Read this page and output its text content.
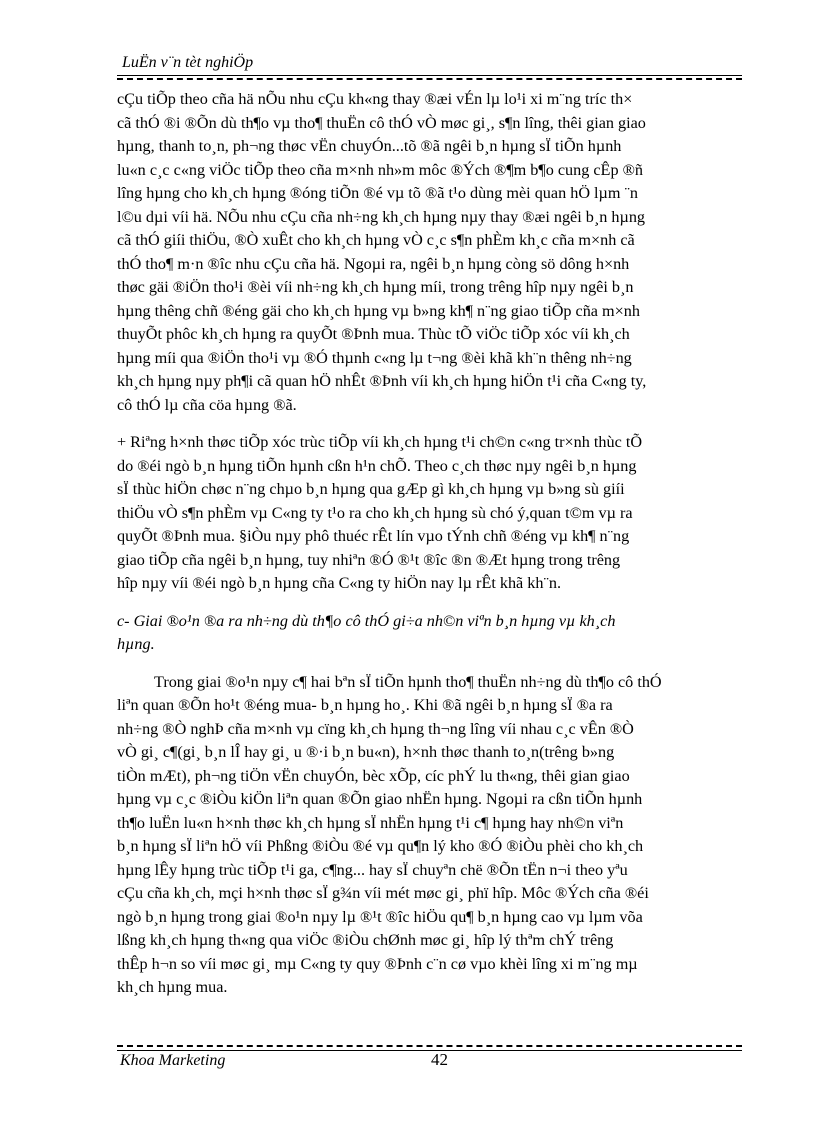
LuËn v¨n tèt nghiÖp
cÇu tiÕp theo cña hä nÕu nhu cÇu kh«ng thay ®æi vÉn lµ lo¹i xi m¨ng tríc th×
cã thÓ ®i ®Õn dù th¶o vµ tho¶ thuËn cô thÓ vÒ møc gi¸, s¶n lîng, thêi gian giao
hµng, thanh to¸n, ph¬ng thøc vËn chuyÓn...tõ ®ã ngêi b¸n hµng sÏ tiÕn hµnh
lu«n c¸c c«ng viÖc tiÕp theo cña m×nh nh»m môc ®Ých ®¶m b¶o cung cÊp ®ñ
lîng hµng cho kh¸ch hµng ®óng tiÕn ®é vµ tõ ®ã t¹o dùng mèi quan hÖ lµm ¨n
l©u dµi víi hä. NÕu nhu cÇu cña nh÷ng kh¸ch hµng nµy thay ®æi ngêi b¸n hµng
cã thÓ giíi thiÖu, ®Ò xuÊt cho kh¸ch hµng vÒ c¸c s¶n phÈm kh¸c cña m×nh cã
thÓ tho¶ m·n ®îc nhu cÇu cña hä. Ngoµi ra, ngêi b¸n hµng còng sö dông h×nh
thøc gäi ®iÖn tho¹i ®èi víi nh÷ng kh¸ch hµng míi, trong trêng hîp nµy ngêi b¸n
hµng thêng chñ ®éng gäi cho kh¸ch hµng vµ b»ng kh¶ n¨ng giao tiÕp cña m×nh
thuyÕt phôc kh¸ch hµng ra quyÕt ®Þnh mua. Thùc tÕ viÖc tiÕp xóc víi kh¸ch
hµng míi qua ®iÖn tho¹i vµ ®Ó thµnh c«ng lµ t¬ng ®èi khã kh¨n thêng nh÷ng
kh¸ch hµng nµy ph¶i cã quan hÖ nhÊt ®Þnh víi kh¸ch hµng hiÖn t¹i cña C«ng ty,
cô thÓ lµ cña cöa hµng ®ã.
+ Riªng h×nh thøc tiÕp xóc trùc tiÕp víi kh¸ch hµng t¹i ch©n c«ng tr×nh thùc tÕ
do ®éi ngò b¸n hµng tiÕn hµnh cßn h¹n chÕ. Theo c¸ch thøc nµy ngêi b¸n hµng
sÏ thùc hiÖn chøc n¨ng chµo b¸n hµng qua gÆp gì kh¸ch hµng vµ b»ng sù giíi
thiÖu vÒ s¶n phÈm vµ C«ng ty t¹o ra cho kh¸ch hµng sù chó ý,quan t©m vµ ra
quyÕt ®Þnh mua. §iÒu nµy phô thuéc rÊt lín vµo tÝnh chñ ®éng vµ kh¶ n¨ng
giao tiÕp cña ngêi b¸n hµng, tuy nhiªn ®Ó ®¹t ®îc ®n ®Æt hµng trong trêng
hîp nµy víi ®éi ngò b¸n hµng cña C«ng ty hiÖn nay lµ rÊt khã kh¨n.
c- Giai ®o¹n ®a ra nh÷ng dù th¶o cô thÓ gi÷a nh©n viªn b¸n hµng vµ kh¸ch
hµng.
Trong giai ®o¹n nµy c¶ hai bªn sÏ tiÕn hµnh tho¶ thuËn nh÷ng dù th¶o cô thÓ
liªn quan ®Õn ho¹t ®éng mua- b¸n hµng ho¸. Khi ®ã ngêi b¸n hµng sÏ ®a ra
nh÷ng ®Ò nghÞ cña m×nh vµ cïng kh¸ch hµng th¬ng lîng víi nhau c¸c vÊn ®Ò
vÒ gi¸ c¶(gi¸ b¸n lÎ hay gi¸ u ®·i b¸n bu«n), h×nh thøc thanh to¸n(trêng b»ng
tiÒn mÆt), ph¬ng tiÖn vËn chuyÓn, bèc xÕp, cíc phÝ lu th«ng, thêi gian giao
hµng vµ c¸c ®iÒu kiÖn liªn quan ®Õn giao nhËn hµng. Ngoµi ra cßn tiÕn hµnh
th¶o luËn lu«n h×nh thøc kh¸ch hµng sÏ nhËn hµng t¹i c¶ hµng hay nh©n viªn
b¸n hµng sÏ liªn hÖ víi Phßng ®iÒu ®é vµ qu¶n lý kho ®Ó ®iÒu phèi cho kh¸ch
hµng lÊy hµng trùc tiÕp t¹i ga, c¶ng... hay sÏ chuyªn chë ®Õn tËn n¬i theo yªu
cÇu cña kh¸ch, mçi h×nh thøc sÏ g¾n víi mét møc gi¸ phï hîp. Môc ®Ých cña ®éi
ngò b¸n hµng trong giai ®o¹n nµy lµ ®¹t ®îc hiÖu qu¶ b¸n hµng cao vµ lµm võa
lßng kh¸ch hµng th«ng qua viÖc ®iÒu chØnh møc gi¸ hîp lý thªm chÝ trêng
thÊp h¬n so víi møc gi¸ mµ C«ng ty quy ®Þnh c¨n cø vµo khèi lîng xi m¨ng mµ
kh¸ch hµng mua.
Khoa Marketing	42
